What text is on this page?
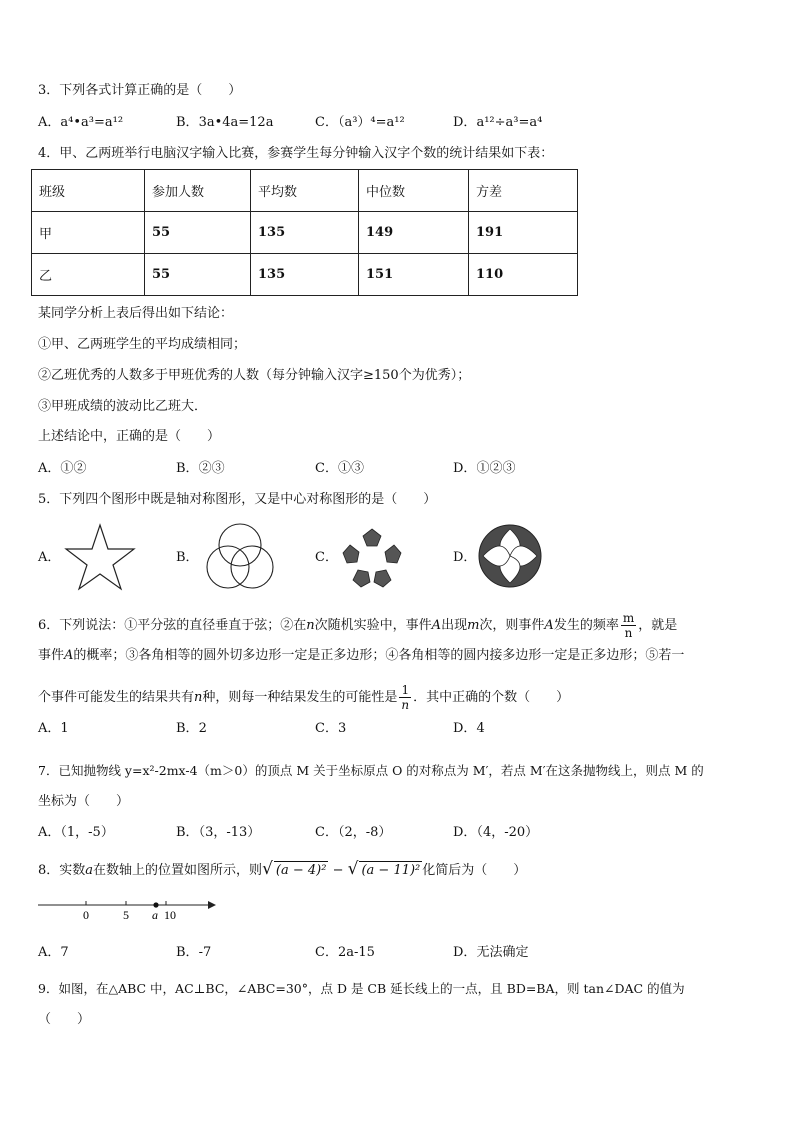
3．下列各式计算正确的是（　　）
A．a⁴•a³=a¹²	B．3a•4a=12a	C．（a³）⁴=a¹²	D．a¹²÷a³=a⁴
4．甲、乙两班举行电脑汉字输入比赛，参赛学生每分钟输入汉字个数的统计结果如下表：
班级	参加人数	平均数	中位数	方差
甲	55	135	149	191
乙	55	135	151	110
某同学分析上表后得出如下结论：
①甲、乙两班学生的平均成绩相同；
②乙班优秀的人数多于甲班优秀的人数（每分钟输入汉字≥150个为优秀）；
③甲班成绩的波动比乙班大．
上述结论中，正确的是（　　）
A．①②	B．②③	C．①③	D．①②③
5．下列四个图形中既是轴对称图形，又是中心对称图形的是（　　）
A．	B．	C．	D．
6．下列说法：①平分弦的直径垂直于弦；②在n次随机实验中，事件A出现m次，则事件A发生的频率 $\frac{m}{n}$ ，就是
事件A的概率；③各角相等的圆外切多边形一定是正多边形；④各角相等的圆内接多边形一定是正多边形；⑤若一
个事件可能发生的结果共有n种，则每一种结果发生的可能性是 $\frac{1}{n}$ ．其中正确的个数（　　）
A．1	B．2	C．3	D．4
7．已知抛物线 y=x²-2mx-4（m＞0）的顶点 M 关于坐标原点 O 的对称点为 M′，若点 M′在这条抛物线上，则点 M 的
坐标为（　　）
A．（1，-5）	B．（3，-13）	C．（2，-8）	D．（4，-20）
8．实数a在数轴上的位置如图所示，则√ (a − 4)² − √ (a − 11)² 化简后为（　　）
0	5 a 10
A．7	B．-7	C．2a-15	D．无法确定
9．如图，在△ABC 中，AC⊥BC，∠ABC=30°，点 D 是 CB 延长线上的一点，且 BD=BA，则 tan∠DAC 的值为
（　　）
